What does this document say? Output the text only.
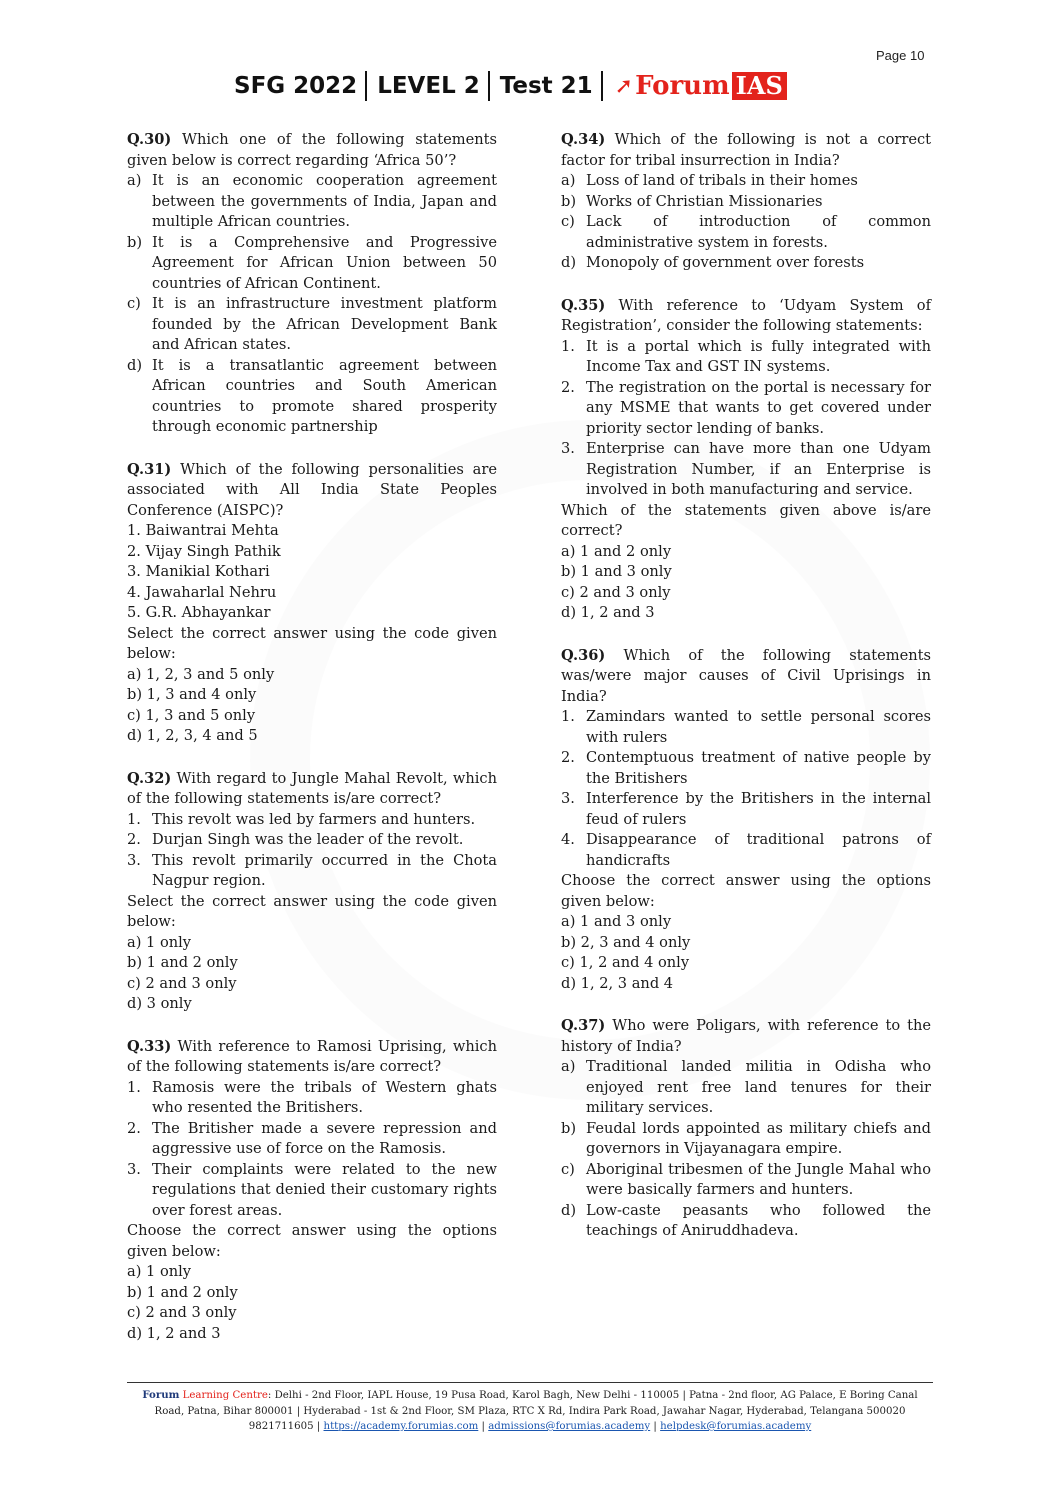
Page 10
SFG 2022 LEVEL 2 Test 21 ➚ Forum IAS
Q.30) Which one of the following statements given below is correct regarding ‘Africa 50’?
a) It is an economic cooperation agreement between the governments of India, Japan and multiple African countries.
b) It is a Comprehensive and Progressive Agreement for African Union between 50 countries of African Continent.
c) It is an infrastructure investment platform founded by the African Development Bank and African states.
d) It is a transatlantic agreement between African countries and South American countries to promote shared prosperity through economic partnership
Q.31) Which of the following personalities are associated with All India State Peoples Conference (AISPC)?
1. Baiwantrai Mehta
2. Vijay Singh Pathik
3. Manikial Kothari
4. Jawaharlal Nehru
5. G.R. Abhayankar
Select the correct answer using the code given below:
a) 1, 2, 3 and 5 only
b) 1, 3 and 4 only
c) 1, 3 and 5 only
d) 1, 2, 3, 4 and 5
Q.32) With regard to Jungle Mahal Revolt, which of the following statements is/are correct?
1. This revolt was led by farmers and hunters.
2. Durjan Singh was the leader of the revolt.
3. This revolt primarily occurred in the Chota Nagpur region.
Select the correct answer using the code given below:
a) 1 only
b) 1 and 2 only
c) 2 and 3 only
d) 3 only
Q.33) With reference to Ramosi Uprising, which of the following statements is/are correct?
1. Ramosis were the tribals of Western ghats who resented the Britishers.
2. The Britisher made a severe repression and aggressive use of force on the Ramosis.
3. Their complaints were related to the new regulations that denied their customary rights over forest areas.
Choose the correct answer using the options given below:
a) 1 only
b) 1 and 2 only
c) 2 and 3 only
d) 1, 2 and 3
Q.34) Which of the following is not a correct factor for tribal insurrection in India?
a) Loss of land of tribals in their homes
b) Works of Christian Missionaries
c) Lack of introduction of common administrative system in forests.
d) Monopoly of government over forests
Q.35) With reference to ‘Udyam System of Registration’, consider the following statements:
1. It is a portal which is fully integrated with Income Tax and GST IN systems.
2. The registration on the portal is necessary for any MSME that wants to get covered under priority sector lending of banks.
3. Enterprise can have more than one Udyam Registration Number, if an Enterprise is involved in both manufacturing and service.
Which of the statements given above is/are correct?
a) 1 and 2 only
b) 1 and 3 only
c) 2 and 3 only
d) 1, 2 and 3
Q.36) Which of the following statements was/were major causes of Civil Uprisings in India?
1. Zamindars wanted to settle personal scores with rulers
2. Contemptuous treatment of native people by the Britishers
3. Interference by the Britishers in the internal feud of rulers
4. Disappearance of traditional patrons of handicrafts
Choose the correct answer using the options given below:
a) 1 and 3 only
b) 2, 3 and 4 only
c) 1, 2 and 4 only
d) 1, 2, 3 and 4
Q.37) Who were Poligars, with reference to the history of India?
a) Traditional landed militia in Odisha who enjoyed rent free land tenures for their military services.
b) Feudal lords appointed as military chiefs and governors in Vijayanagara empire.
c) Aboriginal tribesmen of the Jungle Mahal who were basically farmers and hunters.
d) Low-caste peasants who followed the teachings of Aniruddhadeva.
Forum Learning Centre: Delhi - 2nd Floor, IAPL House, 19 Pusa Road, Karol Bagh, New Delhi - 110005 | Patna - 2nd floor, AG Palace, E Boring Canal Road, Patna, Bihar 800001 | Hyderabad - 1st & 2nd Floor, SM Plaza, RTC X Rd, Indira Park Road, Jawahar Nagar, Hyderabad, Telangana 500020
9821711605 | https://academy.forumias.com | admissions@forumias.academy | helpdesk@forumias.academy
